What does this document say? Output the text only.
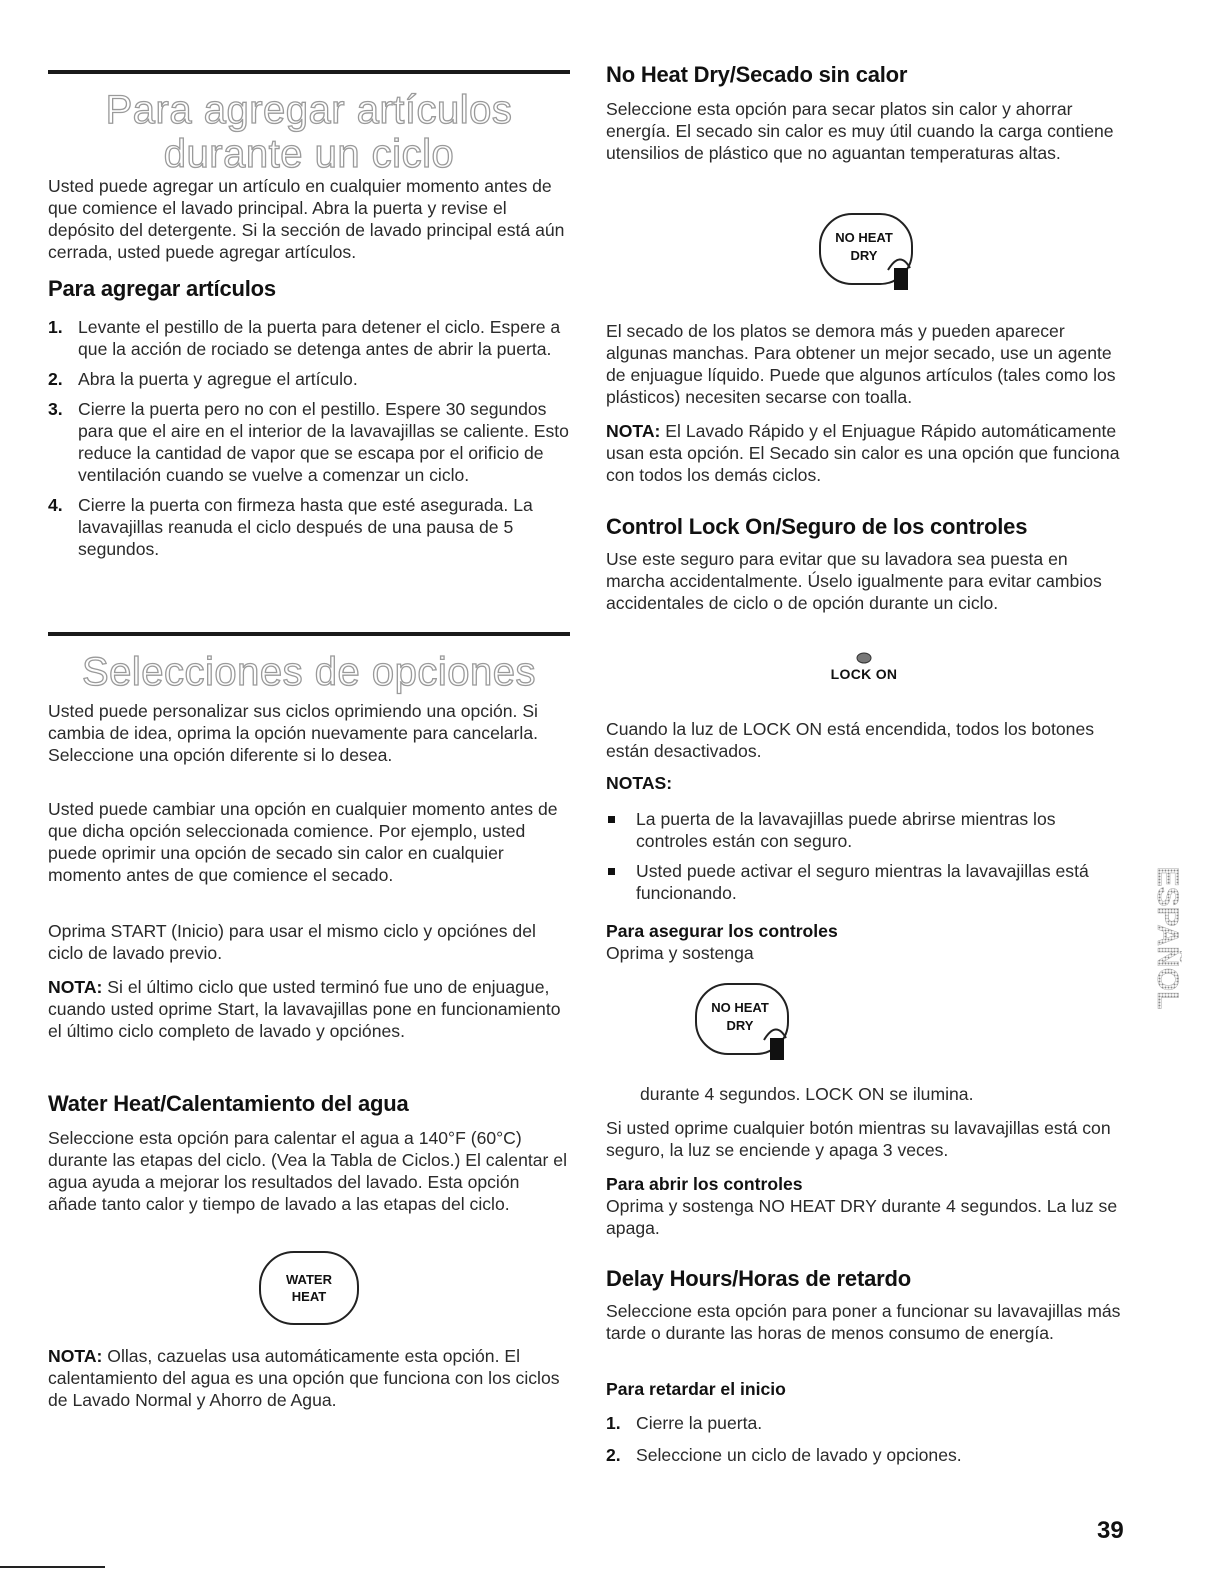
Para agregar artículos
durante un ciclo

Usted puede agregar un artículo en cualquier momento antes de que comience el lavado principal. Abra la puerta y revise el depósito del detergente. Si la sección de lavado principal está aún cerrada, usted puede agregar artículos.

Para agregar artículos
1. Levante el pestillo de la puerta para detener el ciclo. Espere a que la acción de rociado se detenga antes de abrir la puerta.
2. Abra la puerta y agregue el artículo.
3. Cierre la puerta pero no con el pestillo. Espere 30 segundos para que el aire en el interior de la lavavajillas se caliente. Esto reduce la cantidad de vapor que se escapa por el orificio de ventilación cuando se vuelve a comenzar un ciclo.
4. Cierre la puerta con firmeza hasta que esté asegurada. La lavavajillas reanuda el ciclo después de una pausa de 5 segundos.
Selecciones de opciones

Usted puede personalizar sus ciclos oprimiendo una opción. Si cambia de idea, oprima la opción nuevamente para cancelarla. Seleccione una opción diferente si lo desea.

Usted puede cambiar una opción en cualquier momento antes de que dicha opción seleccionada comience. Por ejemplo, usted puede oprimir una opción de secado sin calor en cualquier momento antes de que comience el secado.

Oprima START (Inicio) para usar el mismo ciclo y opciónes del ciclo de lavado previo.

NOTA: Si el último ciclo que usted terminó fue uno de enjuague, cuando usted oprime Start, la lavavajillas pone en funcionamiento el último ciclo completo de lavado y opciónes.

Water Heat/Calentamiento del agua

Seleccione esta opción para calentar el agua a 140°F (60°C) durante las etapas del ciclo. (Vea la Tabla de Ciclos.) El calentar el agua ayuda a mejorar los resultados del lavado. Esta opción añade tanto calor y tiempo de lavado a las etapas del ciclo.

WATER
HEAT

NOTA: Ollas, cazuelas usa automáticamente esta opción. El calentamiento del agua es una opción que funciona con los ciclos de Lavado Normal y Ahorro de Agua.

No Heat Dry/Secado sin calor

Seleccione esta opción para secar platos sin calor y ahorrar energía. El secado sin calor es muy útil cuando la carga contiene utensilios de plástico que no aguantan temperaturas altas.

NO HEAT
DRY

El secado de los platos se demora más y pueden aparecer algunas manchas. Para obtener un mejor secado, use un agente de enjuague líquido. Puede que algunos artículos (tales como los plásticos) necesiten secarse con toalla.

NOTA: El Lavado Rápido y el Enjuague Rápido automáticamente usan esta opción. El Secado sin calor es una opción que funciona con todos los demás ciclos.

Control Lock On/Seguro de los controles

Use este seguro para evitar que su lavadora sea puesta en marcha accidentalmente. Úselo igualmente para evitar cambios accidentales de ciclo o de opción durante un ciclo.

LOCK ON

Cuando la luz de LOCK ON está encendida, todos los botones están desactivados.

NOTAS:
La puerta de la lavavajillas puede abrirse mientras los controles están con seguro.
Usted puede activar el seguro mientras la lavavajillas está funcionando.
Para asegurar los controles

Oprima y sostenga

NO HEAT
DRY

durante 4 segundos. LOCK ON se ilumina.

Si usted oprime cualquier botón mientras su lavavajillas está con seguro, la luz se enciende y apaga 3 veces.

Para abrir los controles

Oprima y sostenga NO HEAT DRY durante 4 segundos. La luz se apaga.

Delay Hours/Horas de retardo

Seleccione esta opción para poner a funcionar su lavavajillas más tarde o durante las horas de menos consumo de energía.

Para retardar el inicio
1. Cierre la puerta.
2. Seleccione un ciclo de lavado y opciones.
ESPAÑOL
39
